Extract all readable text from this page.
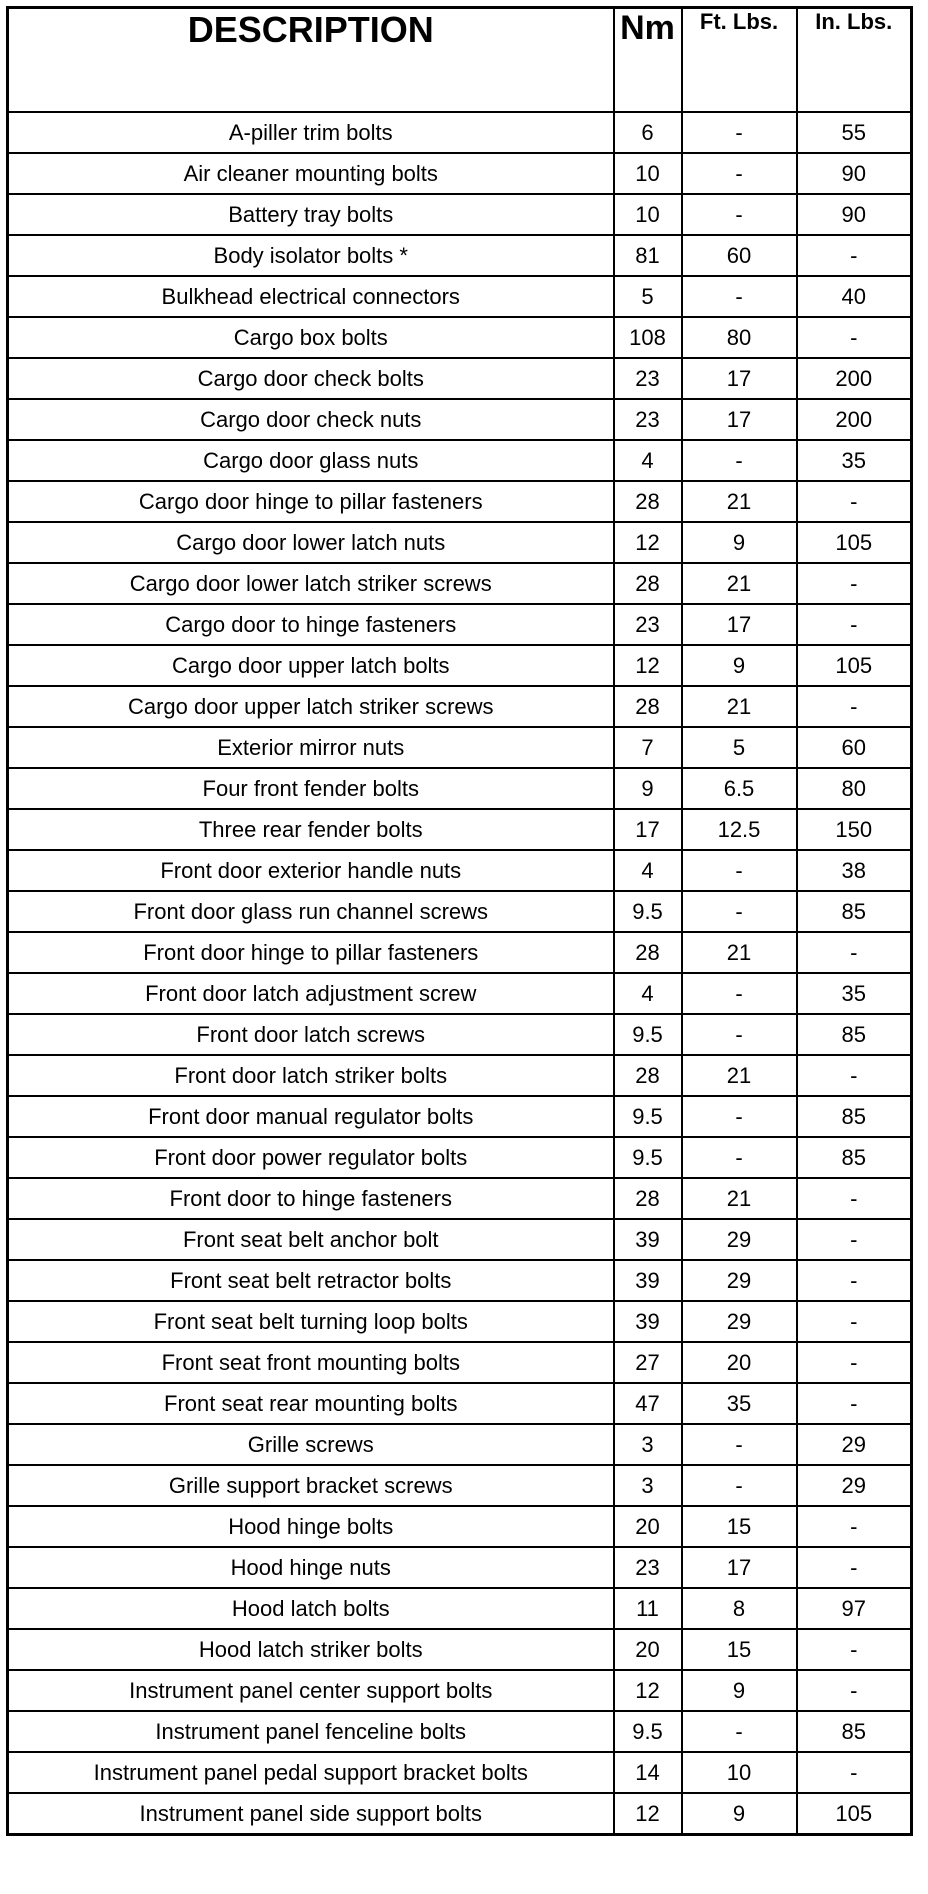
DESCRIPTION	Nm	Ft. Lbs.	In. Lbs.
A-piller trim bolts	6	-	55
Air cleaner mounting bolts	10	-	90
Battery tray bolts	10	-	90
Body isolator bolts *	81	60	-
Bulkhead electrical connectors	5	-	40
Cargo box bolts	108	80	-
Cargo door check bolts	23	17	200
Cargo door check nuts	23	17	200
Cargo door glass nuts	4	-	35
Cargo door hinge to pillar fasteners	28	21	-
Cargo door lower latch nuts	12	9	105
Cargo door lower latch striker screws	28	21	-
Cargo door to hinge fasteners	23	17	-
Cargo door upper latch bolts	12	9	105
Cargo door upper latch striker screws	28	21	-
Exterior mirror nuts	7	5	60
Four front fender bolts	9	6.5	80
Three rear fender bolts	17	12.5	150
Front door exterior handle nuts	4	-	38
Front door glass run channel screws	9.5	-	85
Front door hinge to pillar fasteners	28	21	-
Front door latch adjustment screw	4	-	35
Front door latch screws	9.5	-	85
Front door latch striker bolts	28	21	-
Front door manual regulator bolts	9.5	-	85
Front door power regulator bolts	9.5	-	85
Front door to hinge fasteners	28	21	-
Front seat belt anchor bolt	39	29	-
Front seat belt retractor bolts	39	29	-
Front seat belt turning loop bolts	39	29	-
Front seat front mounting bolts	27	20	-
Front seat rear mounting bolts	47	35	-
Grille screws	3	-	29
Grille support bracket screws	3	-	29
Hood hinge bolts	20	15	-
Hood hinge nuts	23	17	-
Hood latch bolts	11	8	97
Hood latch striker bolts	20	15	-
Instrument panel center support bolts	12	9	-
Instrument panel fenceline bolts	9.5	-	85
Instrument panel pedal support bracket bolts	14	10	-
Instrument panel side support bolts	12	9	105
